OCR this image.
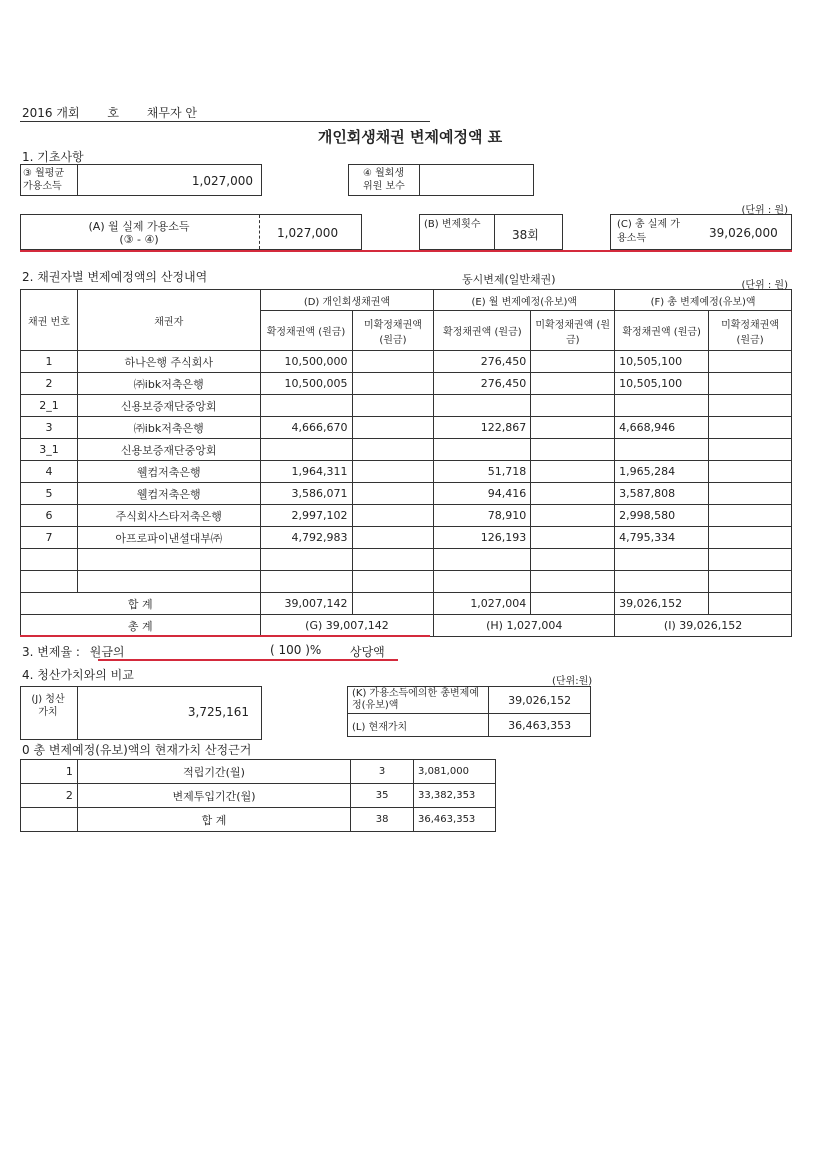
2016 개회 호 채무자 안
개인회생채권 변제예정액 표
1. 기초사항
③ 월평균 가용소득	1,027,000
④ 월회생 위원 보수
(단위 : 원)
(A) 월 실제 가용소득
(③ - ④)	1,027,000
(B) 변제횟수
38회
(C) 총 실제 가용소득	39,026,000
2. 채권자별 변제예정액의 산정내역	동시변제(일반채권)	(단위 : 원)
채권 번호	채권자	(D) 개인회생채권액		(E) 월 변제예정(유보)액		(F) 총 변제예정(유보)액	
		확정채권액 (원금)	미확정채권액 (원금)	확정채권액 (원금)	미확정채권액 (원금)	확정채권액 (원금)	미확정채권액 (원금)
1	하나은행 주식회사	10,500,000		276,450		10,505,100	
2	㈜ibk저축은행	10,500,005		276,450		10,505,100	
2_1	신용보증재단중앙회						
3	㈜ibk저축은행	4,666,670		122,867		4,668,946	
3_1	신용보증재단중앙회						
4	웰컴저축은행	1,964,311		51,718		1,965,284	
5	웰컴저축은행	3,586,071		94,416		3,587,808	
6	주식회사스타저축은행	2,997,102		78,910		2,998,580	
7	아프로파이낸셜대부㈜	4,792,983		126,193		4,795,334	

합 계		39,007,142		1,027,004		39,026,152	
총 계		(G) 39,007,142		(H) 1,027,004		(I) 39,026,152	
3. 변제율 : 원금의	( 100 )% 상당액
4. 청산가치와의 비교	(단위:원)
(J) 청산 가치	3,725,161
(K) 가용소득에의한 총변제예정(유보)액	39,026,152
(L) 현재가치	36,463,353
0 총 변제예정(유보)액의 현재가치 산정근거
1	적립기간(월)	3	3,081,000
2	변제투입기간(월)	35	33,382,353
	합 계	38	36,463,353
